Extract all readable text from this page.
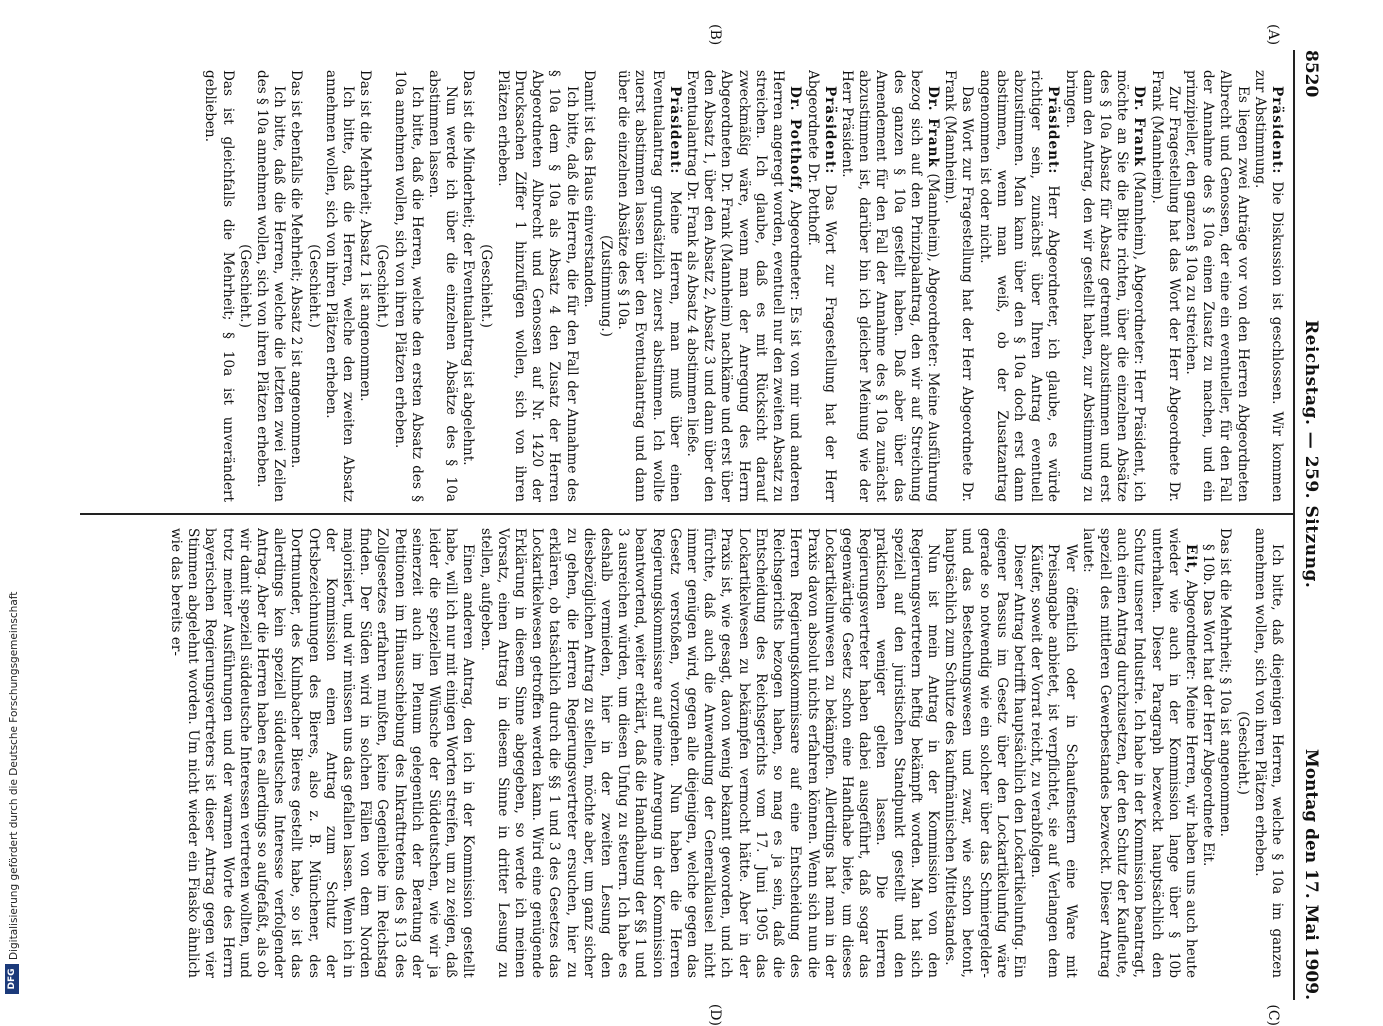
8520
Reichstag. — 259. Sitzung.
Montag den 17. Mai 1909.
(A)
(B)
(C)
(D)

Präsident: Die Diskussion ist geschlossen. Wir kommen zur Abstimmung.

Es liegen zwei Anträge vor von den Herren Abgeordneten Albrecht und Genossen, der eine ein eventueller, für den Fall der Annahme des § 10a einen Zusatz zu machen, und ein prinzipieller, den ganzen § 10a zu streichen.

Zur Fragestellung hat das Wort der Herr Abgeordnete Dr. Frank (Mannheim).

Dr. Frank (Mannheim), Abgeordneter: Herr Präsident, ich möchte an Sie die Bitte richten, über die einzelnen Absätze des § 10a Absatz für Absatz getrennt abzustimmen und erst dann den Antrag, den wir gestellt haben, zur Abstimmung zu bringen.

Präsident: Herr Abgeordneter, ich glaube, es würde richtiger sein, zunächst über Ihren Antrag eventuell abzustimmen. Man kann über den § 10a doch erst dann abstimmen, wenn man weiß, ob der Zusatzantrag angenommen ist oder nicht.

Das Wort zur Fragestellung hat der Herr Abgeordnete Dr. Frank (Mannheim).

Dr. Frank (Mannheim), Abgeordneter: Meine Ausführung bezog sich auf den Prinzipalantrag, den wir auf Streichung des ganzen § 10a gestellt haben. Daß aber über das Amendement für den Fall der Annahme des § 10a zunächst abzustimmen ist, darüber bin ich gleicher Meinung wie der Herr Präsident.

Präsident: Das Wort zur Fragestellung hat der Herr Abgeordnete Dr. Potthoff.

Dr. Potthoff, Abgeordneter: Es ist von mir und anderen Herren angeregt worden, eventuell nur den zweiten Absatz zu streichen. Ich glaube, daß es mit Rücksicht darauf zweckmäßig wäre, wenn man der Anregung des Herrn Abgeordneten Dr. Frank (Mannheim) nachkäme und erst über den Absatz 1, über den Absatz 2, Absatz 3 und dann über den Eventualantrag Dr. Frank als Absatz 4 abstimmen ließe.

Präsident: Meine Herren, man muß über einen Eventualantrag grundsätzlich zuerst abstimmen. Ich wollte zuerst abstimmen lassen über den Eventualantrag und dann über die einzelnen Absätze des § 10a.

(Zustimmung.)

Damit ist das Haus einverstanden.

Ich bitte, daß die Herren, die für den Fall der Annahme des § 10a dem § 10a als Absatz 4 den Zusatz der Herren Abgeordneten Albrecht und Genossen auf Nr. 1420 der Drucksachen Ziffer 1 hinzufügen wollen, sich von ihren Plätzen erheben.

(Geschieht.)

Das ist die Minderheit; der Eventualantrag ist abgelehnt.

Nun werde ich über die einzelnen Absätze des § 10a abstimmen lassen.

Ich bitte, daß die Herren, welche den ersten Absatz des § 10a annehmen wollen, sich von ihren Plätzen erheben.

(Geschieht.)

Das ist die Mehrheit; Absatz 1 ist angenommen.

Ich bitte, daß die Herren, welche den zweiten Absatz annehmen wollen, sich von ihren Plätzen erheben.

(Geschieht.)

Das ist ebenfalls die Mehrheit; Absatz 2 ist angenommen.

Ich bitte, daß die Herren, welche die letzten zwei Zeilen des § 10a annehmen wollen, sich von ihren Plätzen erheben.

(Geschieht.)

Das ist gleichfalls die Mehrheit; § 10a ist unverändert geblieben.

Ich bitte, daß diejenigen Herren, welche § 10a im ganzen annehmen wollen, sich von ihren Plätzen erheben.

(Geschieht.)

Das ist die Mehrheit; § 10a ist angenommen.

§ 10b. Das Wort hat der Herr Abgeordnete Eit.

Eit, Abgeordneter: Meine Herren, wir haben uns auch heute wieder wie auch in der Kommission lange über § 10b unterhalten. Dieser Paragraph bezweckt hauptsächlich den Schutz unserer Industrie. Ich habe in der Kommission beantragt, auch einen Antrag durchzusetzen, der den Schutz der Kaufleute, speziell des mittleren Gewerbestandes bezweckt. Dieser Antrag lautet:

Wer öffentlich oder in Schaufenstern eine Ware mit Preisangabe anbietet, ist verpflichtet, sie auf Verlangen dem Käufer, soweit der Vorrat reicht, zu verabfolgen.

Dieser Antrag betrifft hauptsächlich den Lockartikelunfug. Ein eigener Passus im Gesetz über den Lockartikelunfug wäre gerade so notwendig wie ein solcher über das Schmiergelder- und das Bestechungswesen und zwar, wie schon betont, hauptsächlich zum Schutze des kaufmännischen Mittelstandes.

Nun ist mein Antrag in der Kommission von den Regierungsvertretern heftig bekämpft worden. Man hat sich speziell auf den juristischen Standpunkt gestellt und den praktischen weniger gelten lassen. Die Herren Regierungsvertreter haben dabei ausgeführt, daß sogar das gegenwärtige Gesetz schon eine Handhabe biete, um dieses Lockartikelunwesen zu bekämpfen. Allerdings hat man in der Praxis davon absolut nichts erfahren können. Wenn sich nun die Herren Regierungskommissare auf eine Entscheidung des Reichsgerichts bezogen haben, so mag es ja sein, daß die Entscheidung des Reichsgerichts vom 17. Juni 1905 das Lockartikelwesen zu bekämpfen vermocht hätte. Aber in der Praxis ist, wie gesagt, davon wenig bekannt geworden, und ich fürchte, daß auch die Anwendung der Generalklausel nicht immer genügen wird, gegen alle diejenigen, welche gegen das Gesetz verstoßen, vorzugehen. Nun haben die Herren Regierungskommissare auf meine Anregung in der Kommission beantwortend, weiter erklärt, daß die Handhabung der §§ 1 und 3 ausreichen würden, um diesen Unfug zu steuern. Ich habe es deshalb vermieden, hier in der zweiten Lesung den diesbezüglichen Antrag zu stellen, möchte aber, um ganz sicher zu gehen, die Herren Regierungsvertreter ersuchen, hier zu erklären, ob tatsächlich durch die §§ 1 und 3 des Gesetzes das Lockartikelwesen getroffen werden kann. Wird eine genügende Erklärung in diesem Sinne abgegeben, so werde ich meinen Vorsatz, einen Antrag in diesem Sinne in dritter Lesung zu stellen, aufgeben.

Einen anderen Antrag, den ich in der Kommission gestellt habe, will ich nur mit einigen Worten streifen, um zu zeigen, daß leider die speziellen Wünsche der Süddeutschen, wie wir ja seinerzeit auch im Plenum gelegentlich der Beratung der Petitionen im Hinausschiebung des Inkrafttretens des § 13 des Zollgesetzes erfahren mußten, keine Gegenliebe im Reichstag finden. Der Süden wird in solchen Fällen von dem Norden majorisiert, und wir müssen uns das gefallen lassen. Wenn ich in der Kommission einen Antrag zum Schutz der Ortsbezeichnungen des Bieres, also z. B. Münchener, des Dortmunder, des Kulmbacher Bieres gestellt habe, so ist das allerdings kein speziell süddeutsches Interesse verfolgender Antrag. Aber die Herren haben es allerdings so aufgefaßt, als ob wir damit speziell süddeutsche Interessen vertreten wollten, und trotz meiner Ausführungen und der warmen Worte des Herrn bayerischen Regierungsvertreters ist dieser Antrag gegen vier Stimmen abgelehnt worden. Um nicht wieder ein Fiasko ähnlich wie das bereits er-

DFG
Digitalisierung gefördert durch die Deutsche Forschungsgemeinschaft
